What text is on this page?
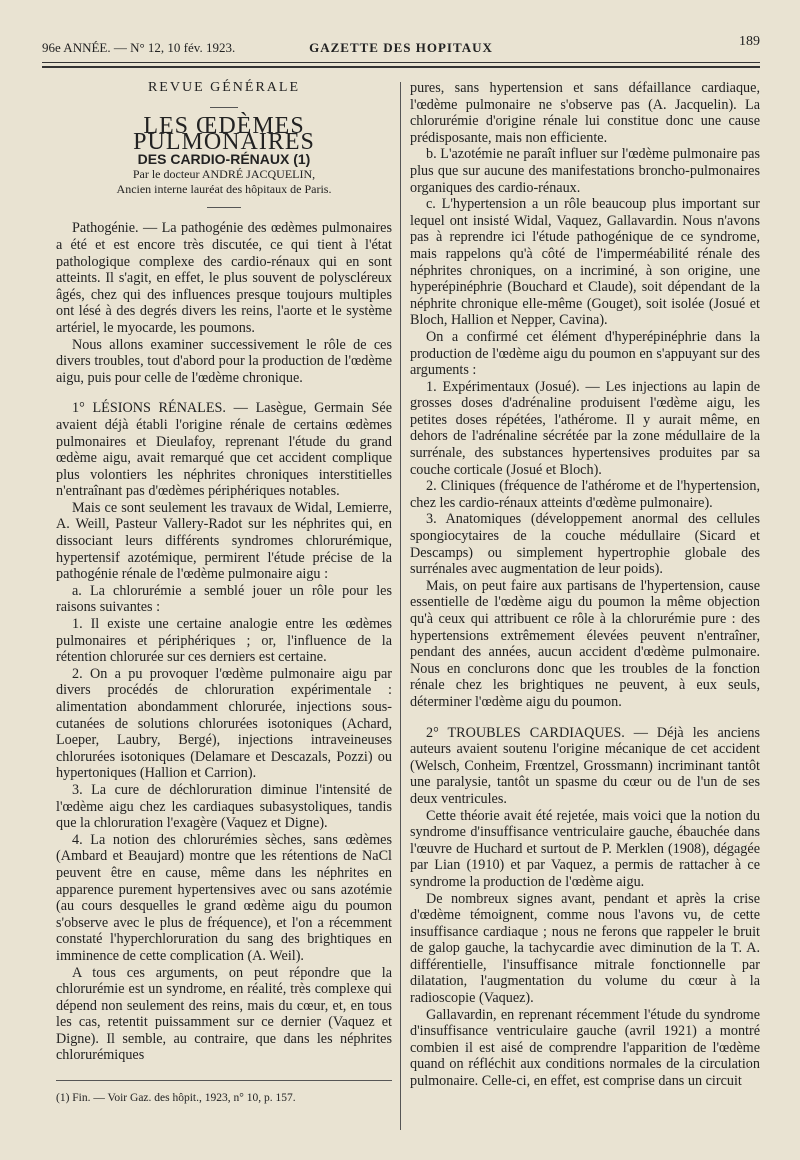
96e ANNÉE. — N° 12, 10 fév. 1923.	GAZETTE DES HOPITAUX	189

REVUE GÉNÉRALE

LES ŒDÈMES PULMONAIRES

DES CARDIO-RÉNAUX (1)

Par le docteur ANDRÉ JACQUELIN,

Ancien interne lauréat des hôpitaux de Paris.

Pathogénie. — La pathogénie des œdèmes pulmonaires a été et est encore très discutée, ce qui tient à l'état pathologique complexe des cardio-rénaux qui en sont atteints. Il s'agit, en effet, le plus souvent de polyscléreux âgés, chez qui des influences presque toujours multiples ont lésé à des degrés divers les reins, l'aorte et le système artériel, le myocarde, les poumons.

Nous allons examiner successivement le rôle de ces divers troubles, tout d'abord pour la production de l'œdème aigu, puis pour celle de l'œdème chronique.

1° LÉSIONS RÉNALES. — Lasègue, Germain Sée avaient déjà établi l'origine rénale de certains œdèmes pulmonaires et Dieulafoy, reprenant l'étude du grand œdème aigu, avait remarqué que cet accident complique plus volontiers les néphrites chroniques interstitielles n'entraînant pas d'œdèmes périphériques notables.

Mais ce sont seulement les travaux de Widal, Lemierre, A. Weill, Pasteur Vallery-Radot sur les néphrites qui, en dissociant leurs différents syndromes chlorurémique, hypertensif azotémique, permirent l'étude précise de la pathogénie rénale de l'œdème pulmonaire aigu :

a. La chlorurémie a semblé jouer un rôle pour les raisons suivantes :

1. Il existe une certaine analogie entre les œdèmes pulmonaires et périphériques ; or, l'influence de la rétention chlorurée sur ces derniers est certaine.

2. On a pu provoquer l'œdème pulmonaire aigu par divers procédés de chloruration expérimentale : alimentation abondamment chlorurée, injections sous-cutanées de solutions chlorurées isotoniques (Achard, Loeper, Laubry, Bergé), injections intraveineuses chlorurées isotoniques (Delamare et Descazals, Pozzi) ou hypertoniques (Hallion et Carrion).

3. La cure de déchloruration diminue l'intensité de l'œdème aigu chez les cardiaques subasystoliques, tandis que la chloruration l'exagère (Vaquez et Digne).

4. La notion des chlorurémies sèches, sans œdèmes (Ambard et Beaujard) montre que les rétentions de NaCl peuvent être en cause, même dans les néphrites en apparence purement hypertensives avec ou sans azotémie (au cours desquelles le grand œdème aigu du poumon s'observe avec le plus de fréquence), et l'on a récemment constaté l'hyperchloruration du sang des brightiques en imminence de cette complication (A. Weil).

A tous ces arguments, on peut répondre que la chlorurémie est un syndrome, en réalité, très complexe qui dépend non seulement des reins, mais du cœur, et, en tous les cas, retentit puissamment sur ce dernier (Vaquez et Digne). Il semble, au contraire, que dans les néphrites chlorurémiques

pures, sans hypertension et sans défaillance cardiaque, l'œdème pulmonaire ne s'observe pas (A. Jacquelin). La chlorurémie d'origine rénale lui constitue donc une cause prédisposante, mais non efficiente.

b. L'azotémie ne paraît influer sur l'œdème pulmonaire pas plus que sur aucune des manifestations broncho-pulmonaires organiques des cardio-rénaux.

c. L'hypertension a un rôle beaucoup plus important sur lequel ont insisté Widal, Vaquez, Gallavardin. Nous n'avons pas à reprendre ici l'étude pathogénique de ce syndrome, mais rappelons qu'à côté de l'imperméabilité rénale des néphrites chroniques, on a incriminé, à son origine, une hyperépinéphrie (Bouchard et Claude), soit dépendant de la néphrite chronique elle-même (Gouget), soit isolée (Josué et Bloch, Hallion et Nepper, Cavina).

On a confirmé cet élément d'hyperépinéphrie dans la production de l'œdème aigu du poumon en s'appuyant sur des arguments :

1. Expérimentaux (Josué). — Les injections au lapin de grosses doses d'adrénaline produisent l'œdème aigu, les petites doses répétées, l'athérome. Il y aurait même, en dehors de l'adrénaline sécrétée par la zone médullaire de la surrénale, des substances hypertensives produites par sa couche corticale (Josué et Bloch).

2. Cliniques (fréquence de l'athérome et de l'hypertension, chez les cardio-rénaux atteints d'œdème pulmonaire).

3. Anatomiques (développement anormal des cellules spongiocytaires de la couche médullaire (Sicard et Descamps) ou simplement hypertrophie globale des surrénales avec augmentation de leur poids).

Mais, on peut faire aux partisans de l'hypertension, cause essentielle de l'œdème aigu du poumon la même objection qu'à ceux qui attribuent ce rôle à la chlorurémie pure : des hypertensions extrêmement élevées peuvent n'entraîner, pendant des années, aucun accident d'œdème pulmonaire. Nous en conclurons donc que les troubles de la fonction rénale chez les brightiques ne peuvent, à eux seuls, déterminer l'œdème aigu du poumon.

2° TROUBLES CARDIAQUES. — Déjà les anciens auteurs avaient soutenu l'origine mécanique de cet accident (Welsch, Conheim, Frœntzel, Grossmann) incriminant tantôt une paralysie, tantôt un spasme du cœur ou de l'un de ses deux ventricules.

Cette théorie avait été rejetée, mais voici que la notion du syndrome d'insuffisance ventriculaire gauche, ébauchée dans l'œuvre de Huchard et surtout de P. Merklen (1908), dégagée par Lian (1910) et par Vaquez, a permis de rattacher à ce syndrome la production de l'œdème aigu.

De nombreux signes avant, pendant et après la crise d'œdème témoignent, comme nous l'avons vu, de cette insuffisance cardiaque ; nous ne ferons que rappeler le bruit de galop gauche, la tachycardie avec diminution de la T. A. différentielle, l'insuffisance mitrale fonctionnelle par dilatation, l'augmentation du volume du cœur à la radioscopie (Vaquez).

Gallavardin, en reprenant récemment l'étude du syndrome d'insuffisance ventriculaire gauche (avril 1921) a montré combien il est aisé de comprendre l'apparition de l'œdème quand on réfléchit aux conditions normales de la circulation pulmonaire. Celle-ci, en effet, est comprise dans un circuit

(1) Fin. — Voir Gaz. des hôpit., 1923, n° 10, p. 157.
